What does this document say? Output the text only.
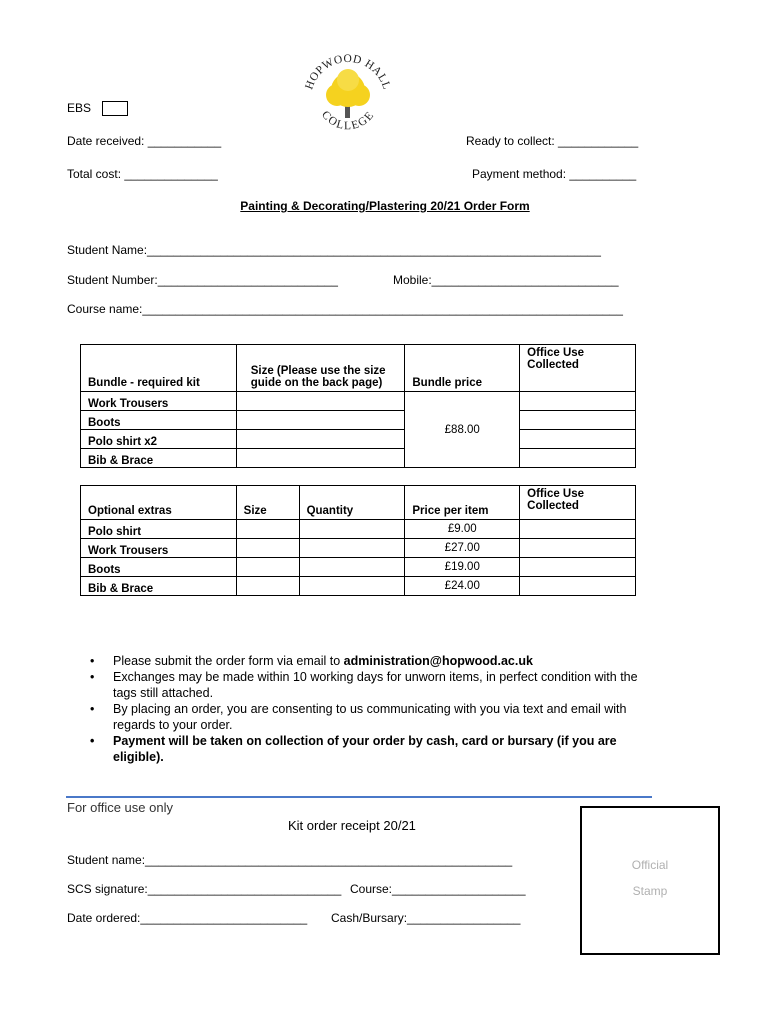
EBS
Date received: ___________	Ready to collect: ____________
Total cost: ______________	Payment method: __________
HOPWOOD HALL
COLLEGE
Painting & Decorating/Plastering 20/21 Order Form
Student Name:____________________________________________________________________
Student Number:___________________________	Mobile:____________________________
Course name:________________________________________________________________________
Bundle - required kit	Size (Please use the size guide on the back page)	Bundle price	Office Use Collected
Work Trousers		£88.00	
Boots			
Polo shirt x2			
Bib & Brace			
Optional extras	Size	Quantity	Price per item	Office Use Collected
Polo shirt			£9.00	
Work Trousers			£27.00	
Boots			£19.00	
Bib & Brace			£24.00	
• Please submit the order form via email to administration@hopwood.ac.uk
• Exchanges may be made within 10 working days for unworn items, in perfect condition with the tags still attached.
• By placing an order, you are consenting to us communicating with you via text and email with regards to your order.
• Payment will be taken on collection of your order by cash, card or bursary (if you are eligible).
For office use only
Kit order receipt 20/21
Student name:_______________________________________________________
SCS signature:_____________________________ Course:____________________
Date ordered:_________________________ Cash/Bursary:_________________
Official
Stamp
